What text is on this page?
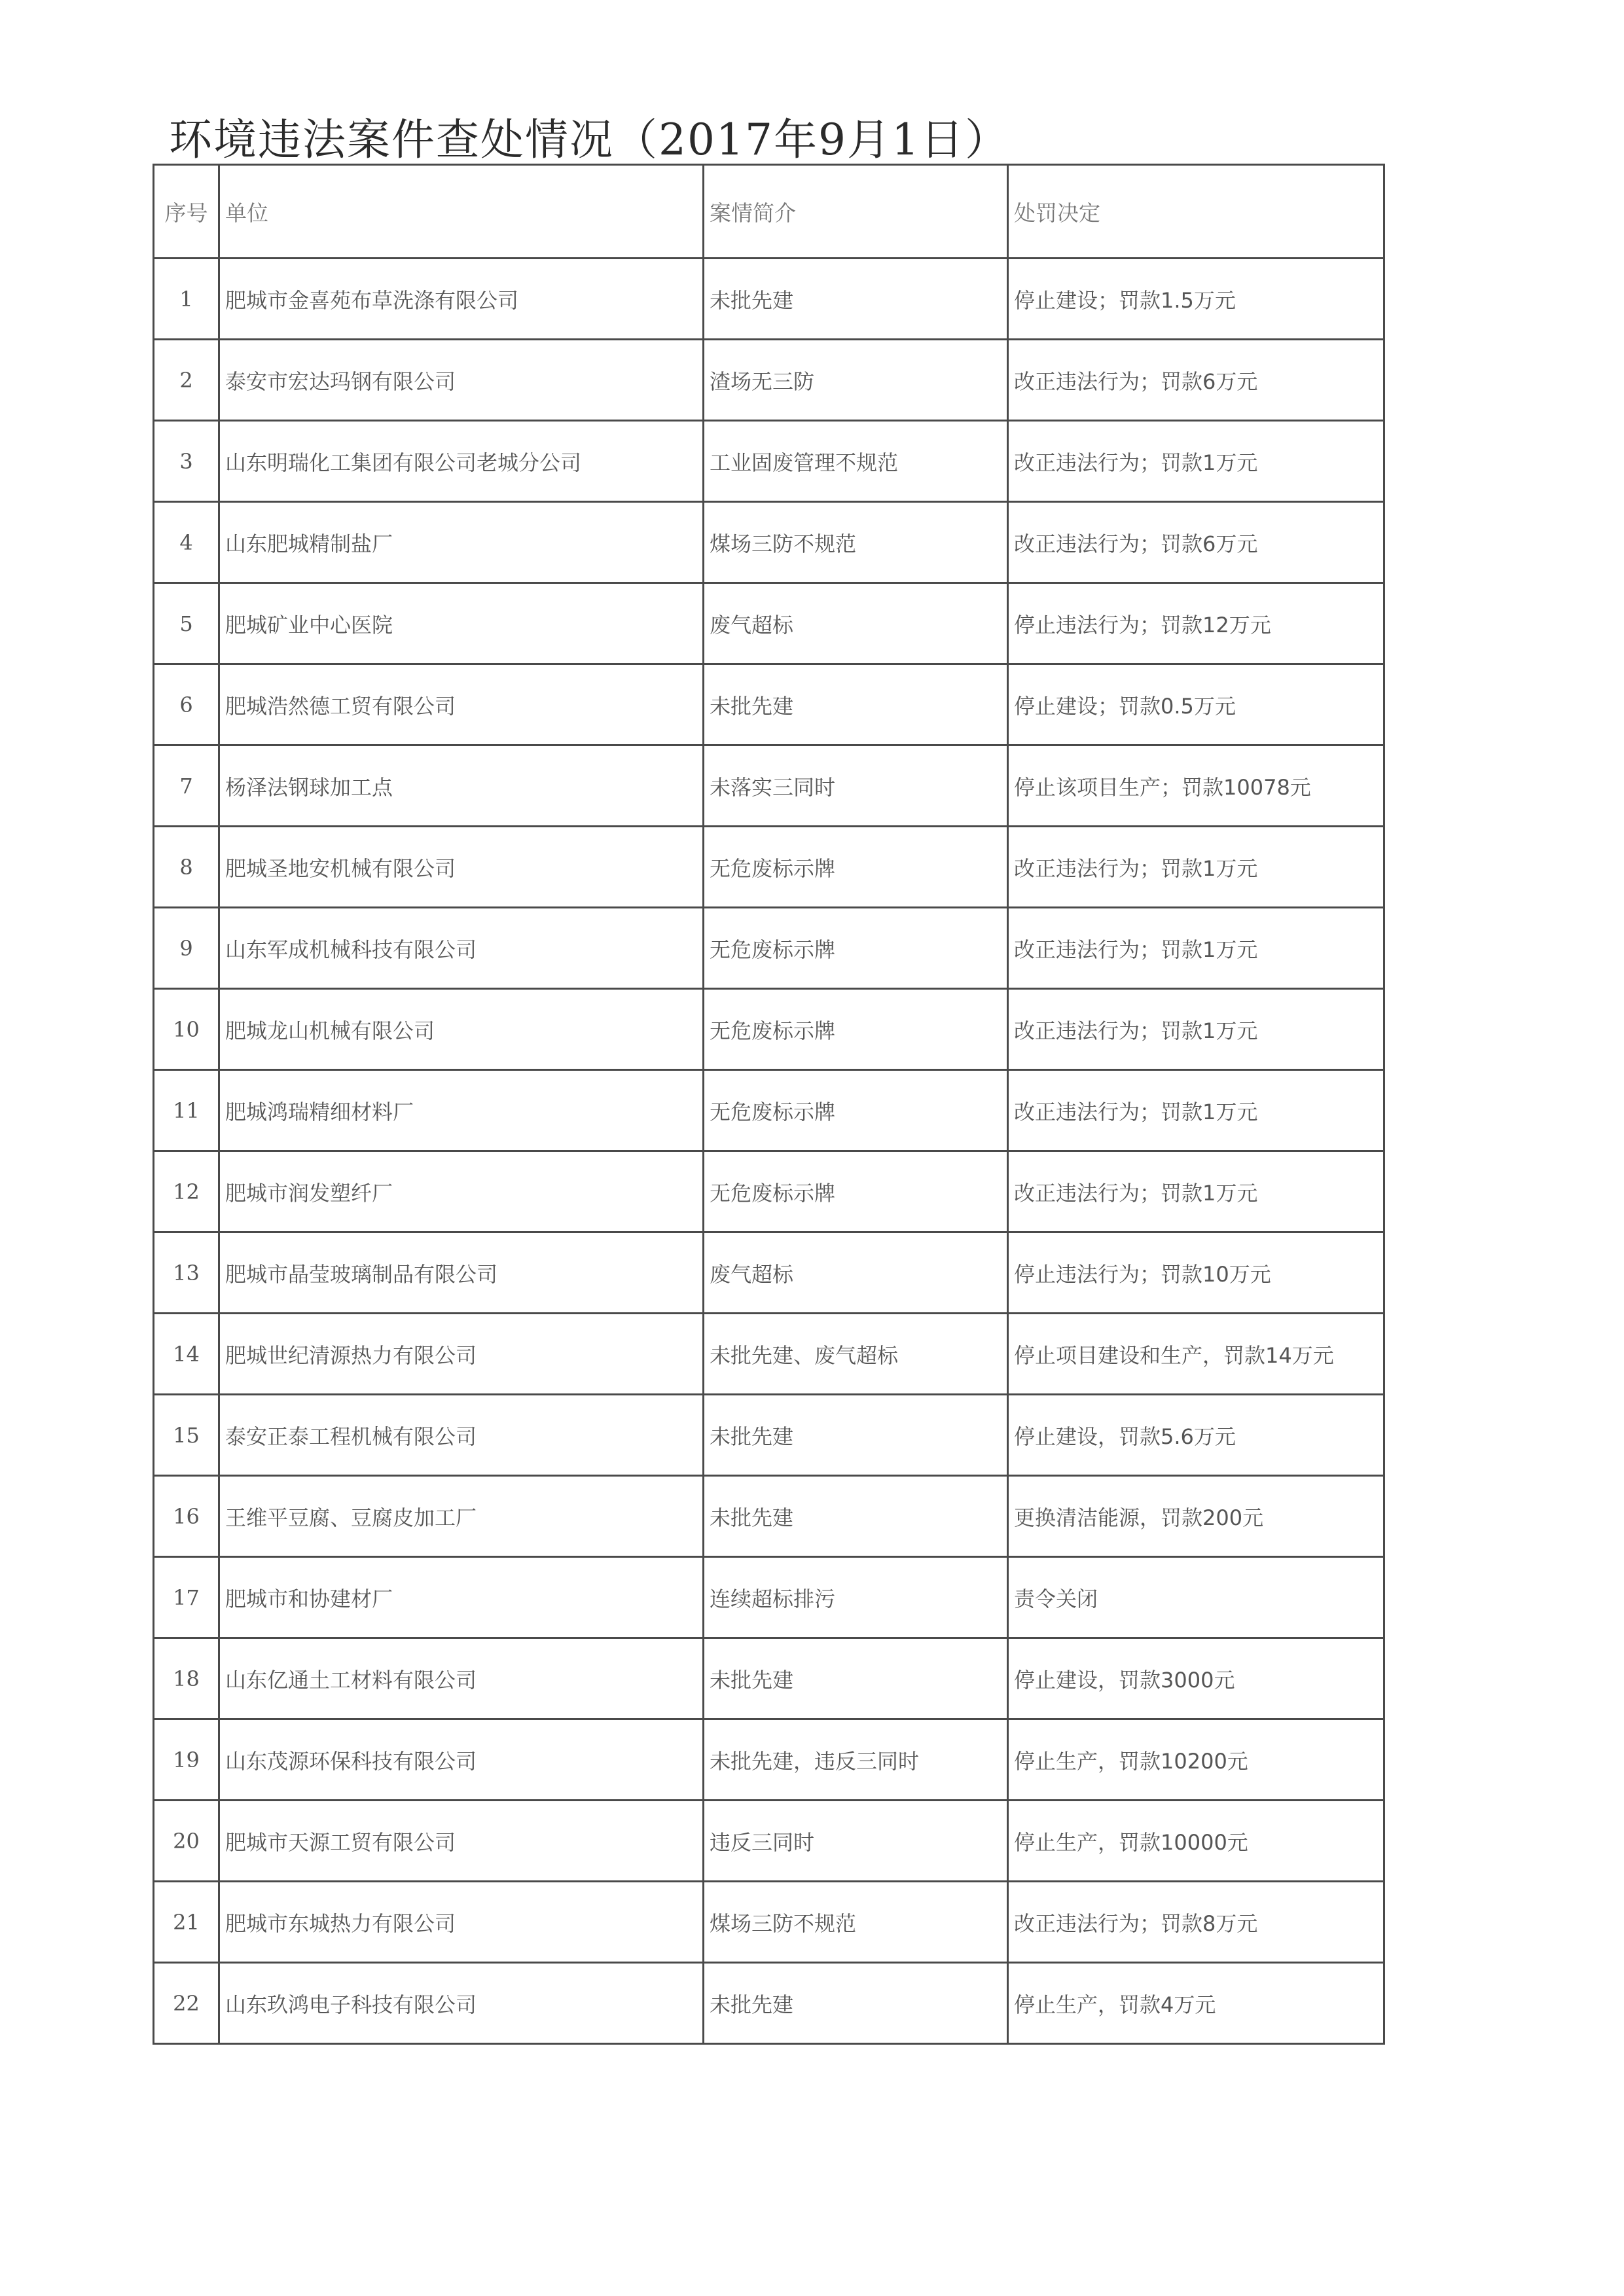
环境违法案件查处情况（2017年9月1日）
序号	单位	案情简介	处罚决定
1	肥城市金喜苑布草洗涤有限公司	未批先建	停止建设；罚款1.5万元
2	泰安市宏达玛钢有限公司	渣场无三防	改正违法行为；罚款6万元
3	山东明瑞化工集团有限公司老城分公司	工业固废管理不规范	改正违法行为；罚款1万元
4	山东肥城精制盐厂	煤场三防不规范	改正违法行为；罚款6万元
5	肥城矿业中心医院	废气超标	停止违法行为；罚款12万元
6	肥城浩然德工贸有限公司	未批先建	停止建设；罚款0.5万元
7	杨泽法钢球加工点	未落实三同时	停止该项目生产；罚款10078元
8	肥城圣地安机械有限公司	无危废标示牌	改正违法行为；罚款1万元
9	山东军成机械科技有限公司	无危废标示牌	改正违法行为；罚款1万元
10	肥城龙山机械有限公司	无危废标示牌	改正违法行为；罚款1万元
11	肥城鸿瑞精细材料厂	无危废标示牌	改正违法行为；罚款1万元
12	肥城市润发塑纤厂	无危废标示牌	改正违法行为；罚款1万元
13	肥城市晶莹玻璃制品有限公司	废气超标	停止违法行为；罚款10万元
14	肥城世纪清源热力有限公司	未批先建、废气超标	停止项目建设和生产，罚款14万元
15	泰安正泰工程机械有限公司	未批先建	停止建设，罚款5.6万元
16	王维平豆腐、豆腐皮加工厂	未批先建	更换清洁能源，罚款200元
17	肥城市和协建材厂	连续超标排污	责令关闭
18	山东亿通土工材料有限公司	未批先建	停止建设，罚款3000元
19	山东茂源环保科技有限公司	未批先建，违反三同时	停止生产，罚款10200元
20	肥城市天源工贸有限公司	违反三同时	停止生产，罚款10000元
21	肥城市东城热力有限公司	煤场三防不规范	改正违法行为；罚款8万元
22	山东玖鸿电子科技有限公司	未批先建	停止生产，罚款4万元
